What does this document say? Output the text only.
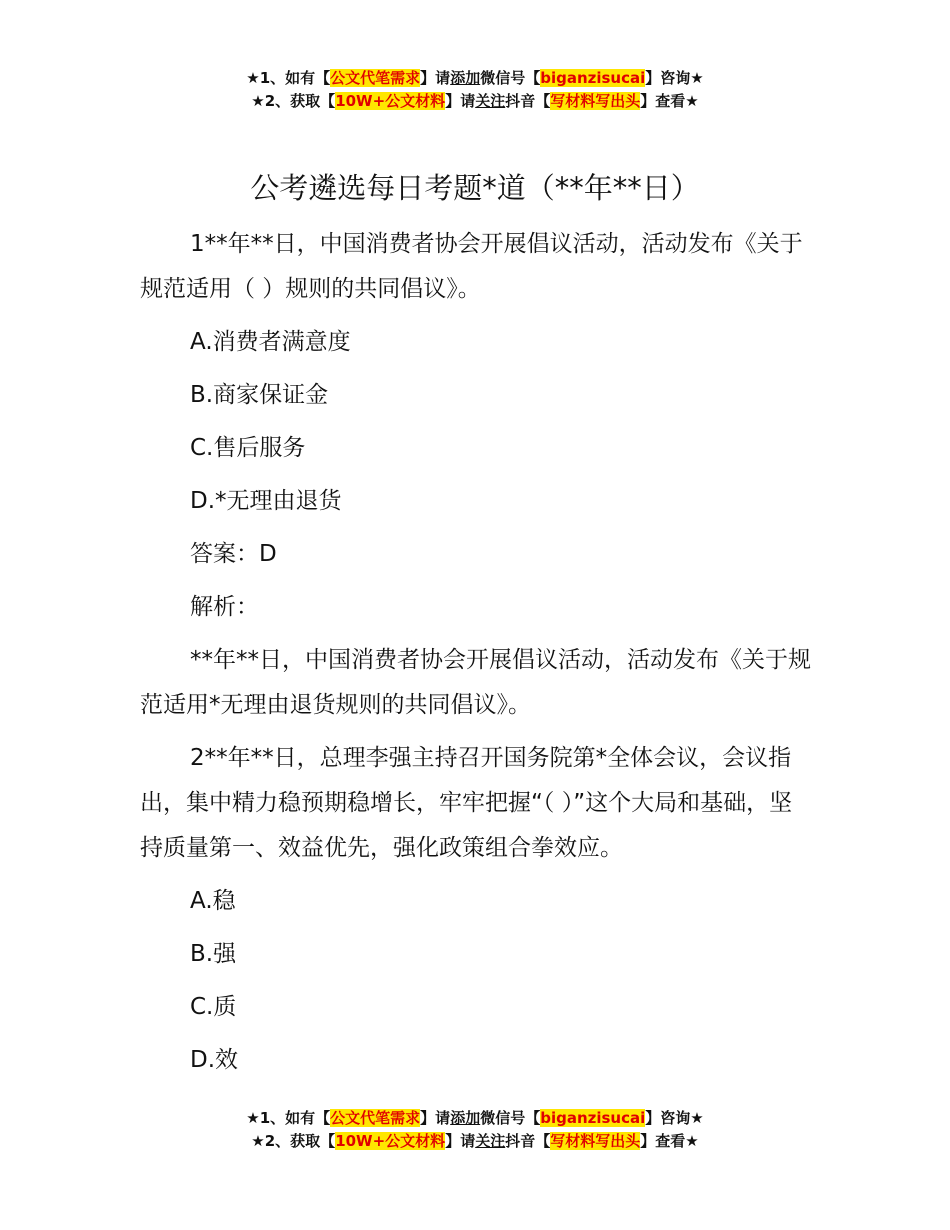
★1、如有【公文代笔需求】请添加微信号【biganzisucai】咨询★
★2、获取【10W+公文材料】请关注抖音【写材料写出头】查看★
公考遴选每日考题*道（**年**日）

1**年**日，中国消费者协会开展倡议活动，活动发布《关于规范适用（ ）规则的共同倡议》。

A.消费者满意度

B.商家保证金

C.售后服务

D.*无理由退货

答案：D

解析：

**年**日，中国消费者协会开展倡议活动，活动发布《关于规范适用*无理由退货规则的共同倡议》。

2**年**日，总理李强主持召开国务院第*全体会议，会议指出，集中精力稳预期稳增长，牢牢把握“（ ）”这个大局和基础，坚持质量第一、效益优先，强化政策组合拳效应。

A.稳

B.强

C.质

D.效

★1、如有【公文代笔需求】请添加微信号【biganzisucai】咨询★
★2、获取【10W+公文材料】请关注抖音【写材料写出头】查看★
